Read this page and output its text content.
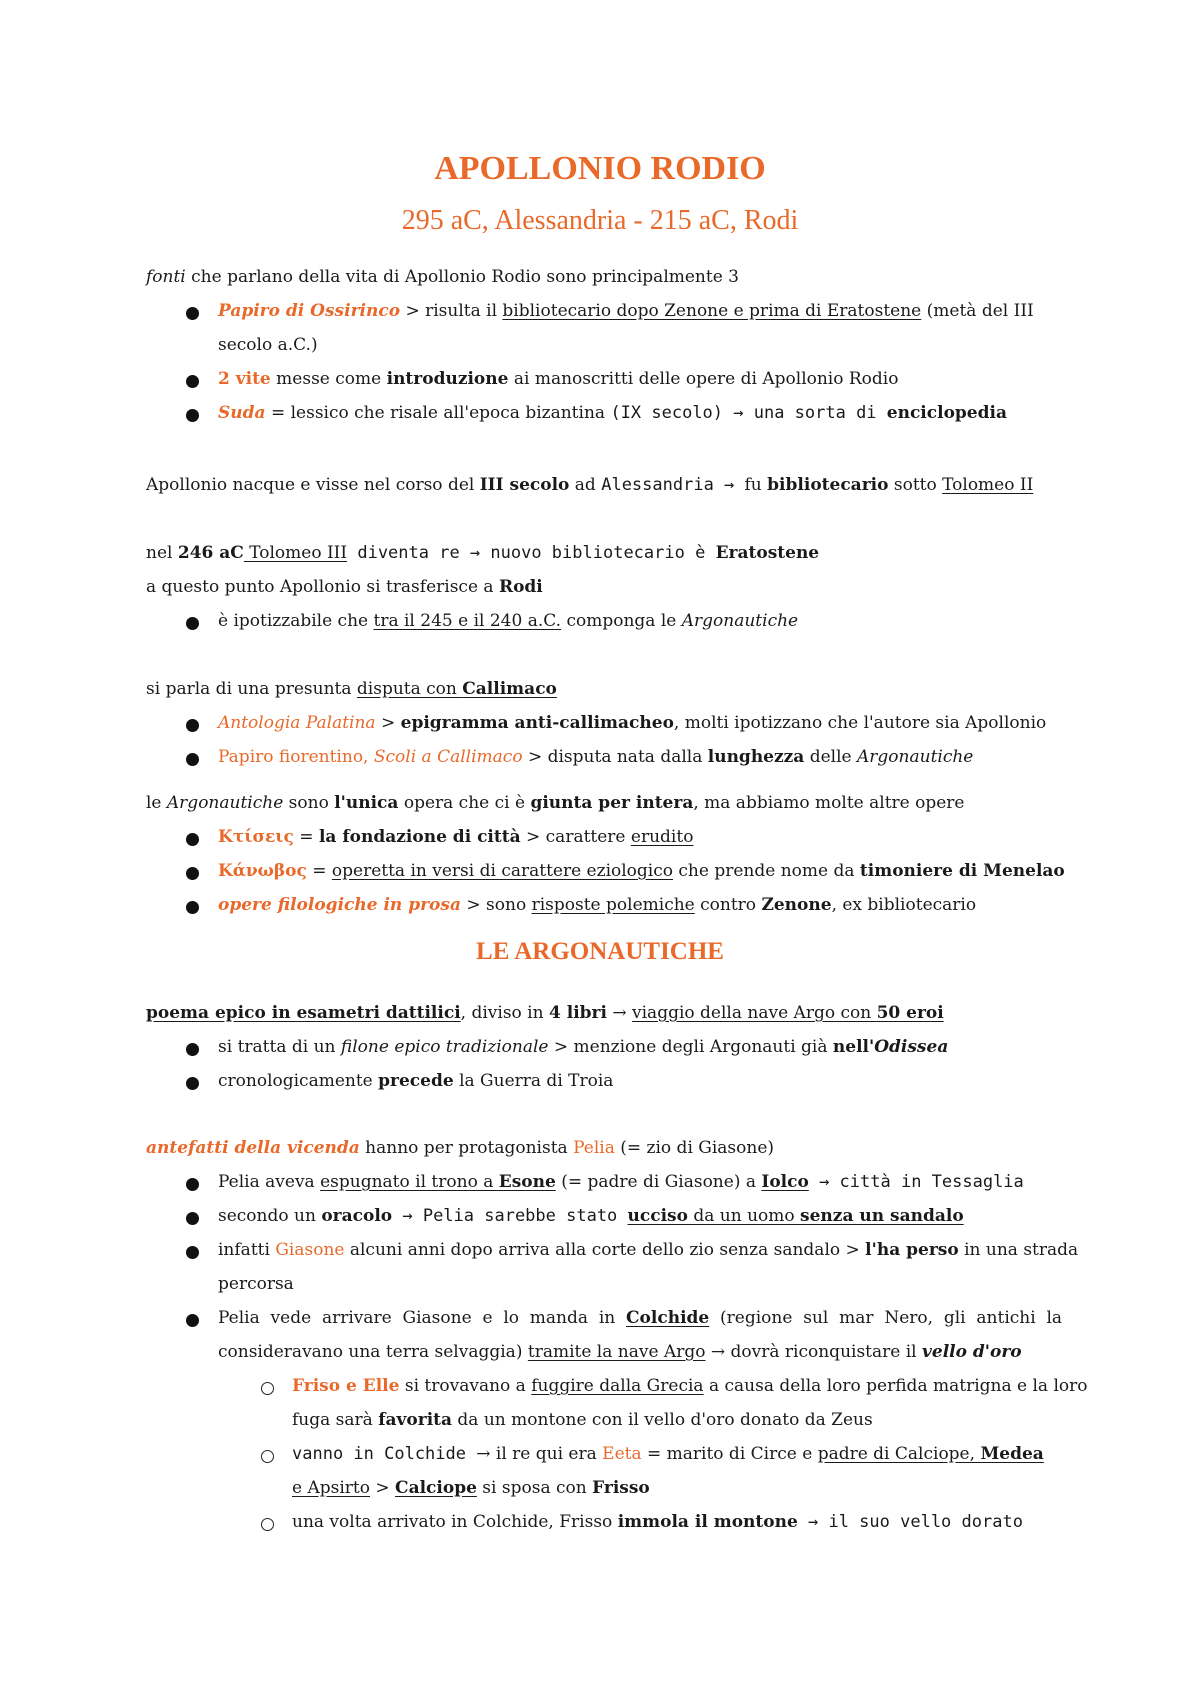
APOLLONIO RODIO
295 aC, Alessandria - 215 aC, Rodi
fonti che parlano della vita di Apollonio Rodio sono principalmente 3
Papiro di Ossirinco > risulta il bibliotecario dopo Zenone e prima di Eratostene (metà del III
secolo a.C.)
2 vite messe come introduzione ai manoscritti delle opere di Apollonio Rodio
Suda = lessico che risale all'epoca bizantina (IX secolo) → una sorta di enciclopedia
Apollonio nacque e visse nel corso del III secolo ad Alessandria → fu bibliotecario sotto Tolomeo II
nel 246 aC Tolomeo III diventa re → nuovo bibliotecario è Eratostene
a questo punto Apollonio si trasferisce a Rodi
è ipotizzabile che tra il 245 e il 240 a.C. componga le Argonautiche
si parla di una presunta disputa con Callimaco
Antologia Palatina > epigramma anti-callimacheo, molti ipotizzano che l'autore sia Apollonio
Papiro fiorentino, Scoli a Callimaco > disputa nata dalla lunghezza delle Argonautiche
le Argonautiche sono l'unica opera che ci è giunta per intera, ma abbiamo molte altre opere
Κτίσεις = la fondazione di città > carattere erudito
Κάνωβος = operetta in versi di carattere eziologico che prende nome da timoniere di Menelao
opere filologiche in prosa > sono risposte polemiche contro Zenone, ex bibliotecario
LE ARGONAUTICHE
poema epico in esametri dattilici, diviso in 4 libri → viaggio della nave Argo con 50 eroi
si tratta di un filone epico tradizionale > menzione degli Argonauti già nell'Odissea
cronologicamente precede la Guerra di Troia
antefatti della vicenda hanno per protagonista Pelia (= zio di Giasone)
Pelia aveva espugnato il trono a Esone (= padre di Giasone) a Iolco → città in Tessaglia
secondo un oracolo → Pelia sarebbe stato ucciso da un uomo senza un sandalo
infatti Giasone alcuni anni dopo arriva alla corte dello zio senza sandalo > l'ha perso in una strada
percorsa
Pelia  vede  arrivare  Giasone  e  lo  manda  in  Colchide  (regione  sul  mar  Nero,  gli  antichi  la
consideravano una terra selvaggia) tramite la nave Argo → dovrà riconquistare il vello d'oro
Friso e Elle si trovavano a fuggire dalla Grecia a causa della loro perfida matrigna e la loro
fuga sarà favorita da un montone con il vello d'oro donato da Zeus
vanno in Colchide → il re qui era Eeta = marito di Circe e padre di Calciope, Medea
e Apsirto > Calciope si sposa con Frisso
una volta arrivato in Colchide, Frisso immola il montone → il suo vello dorato
